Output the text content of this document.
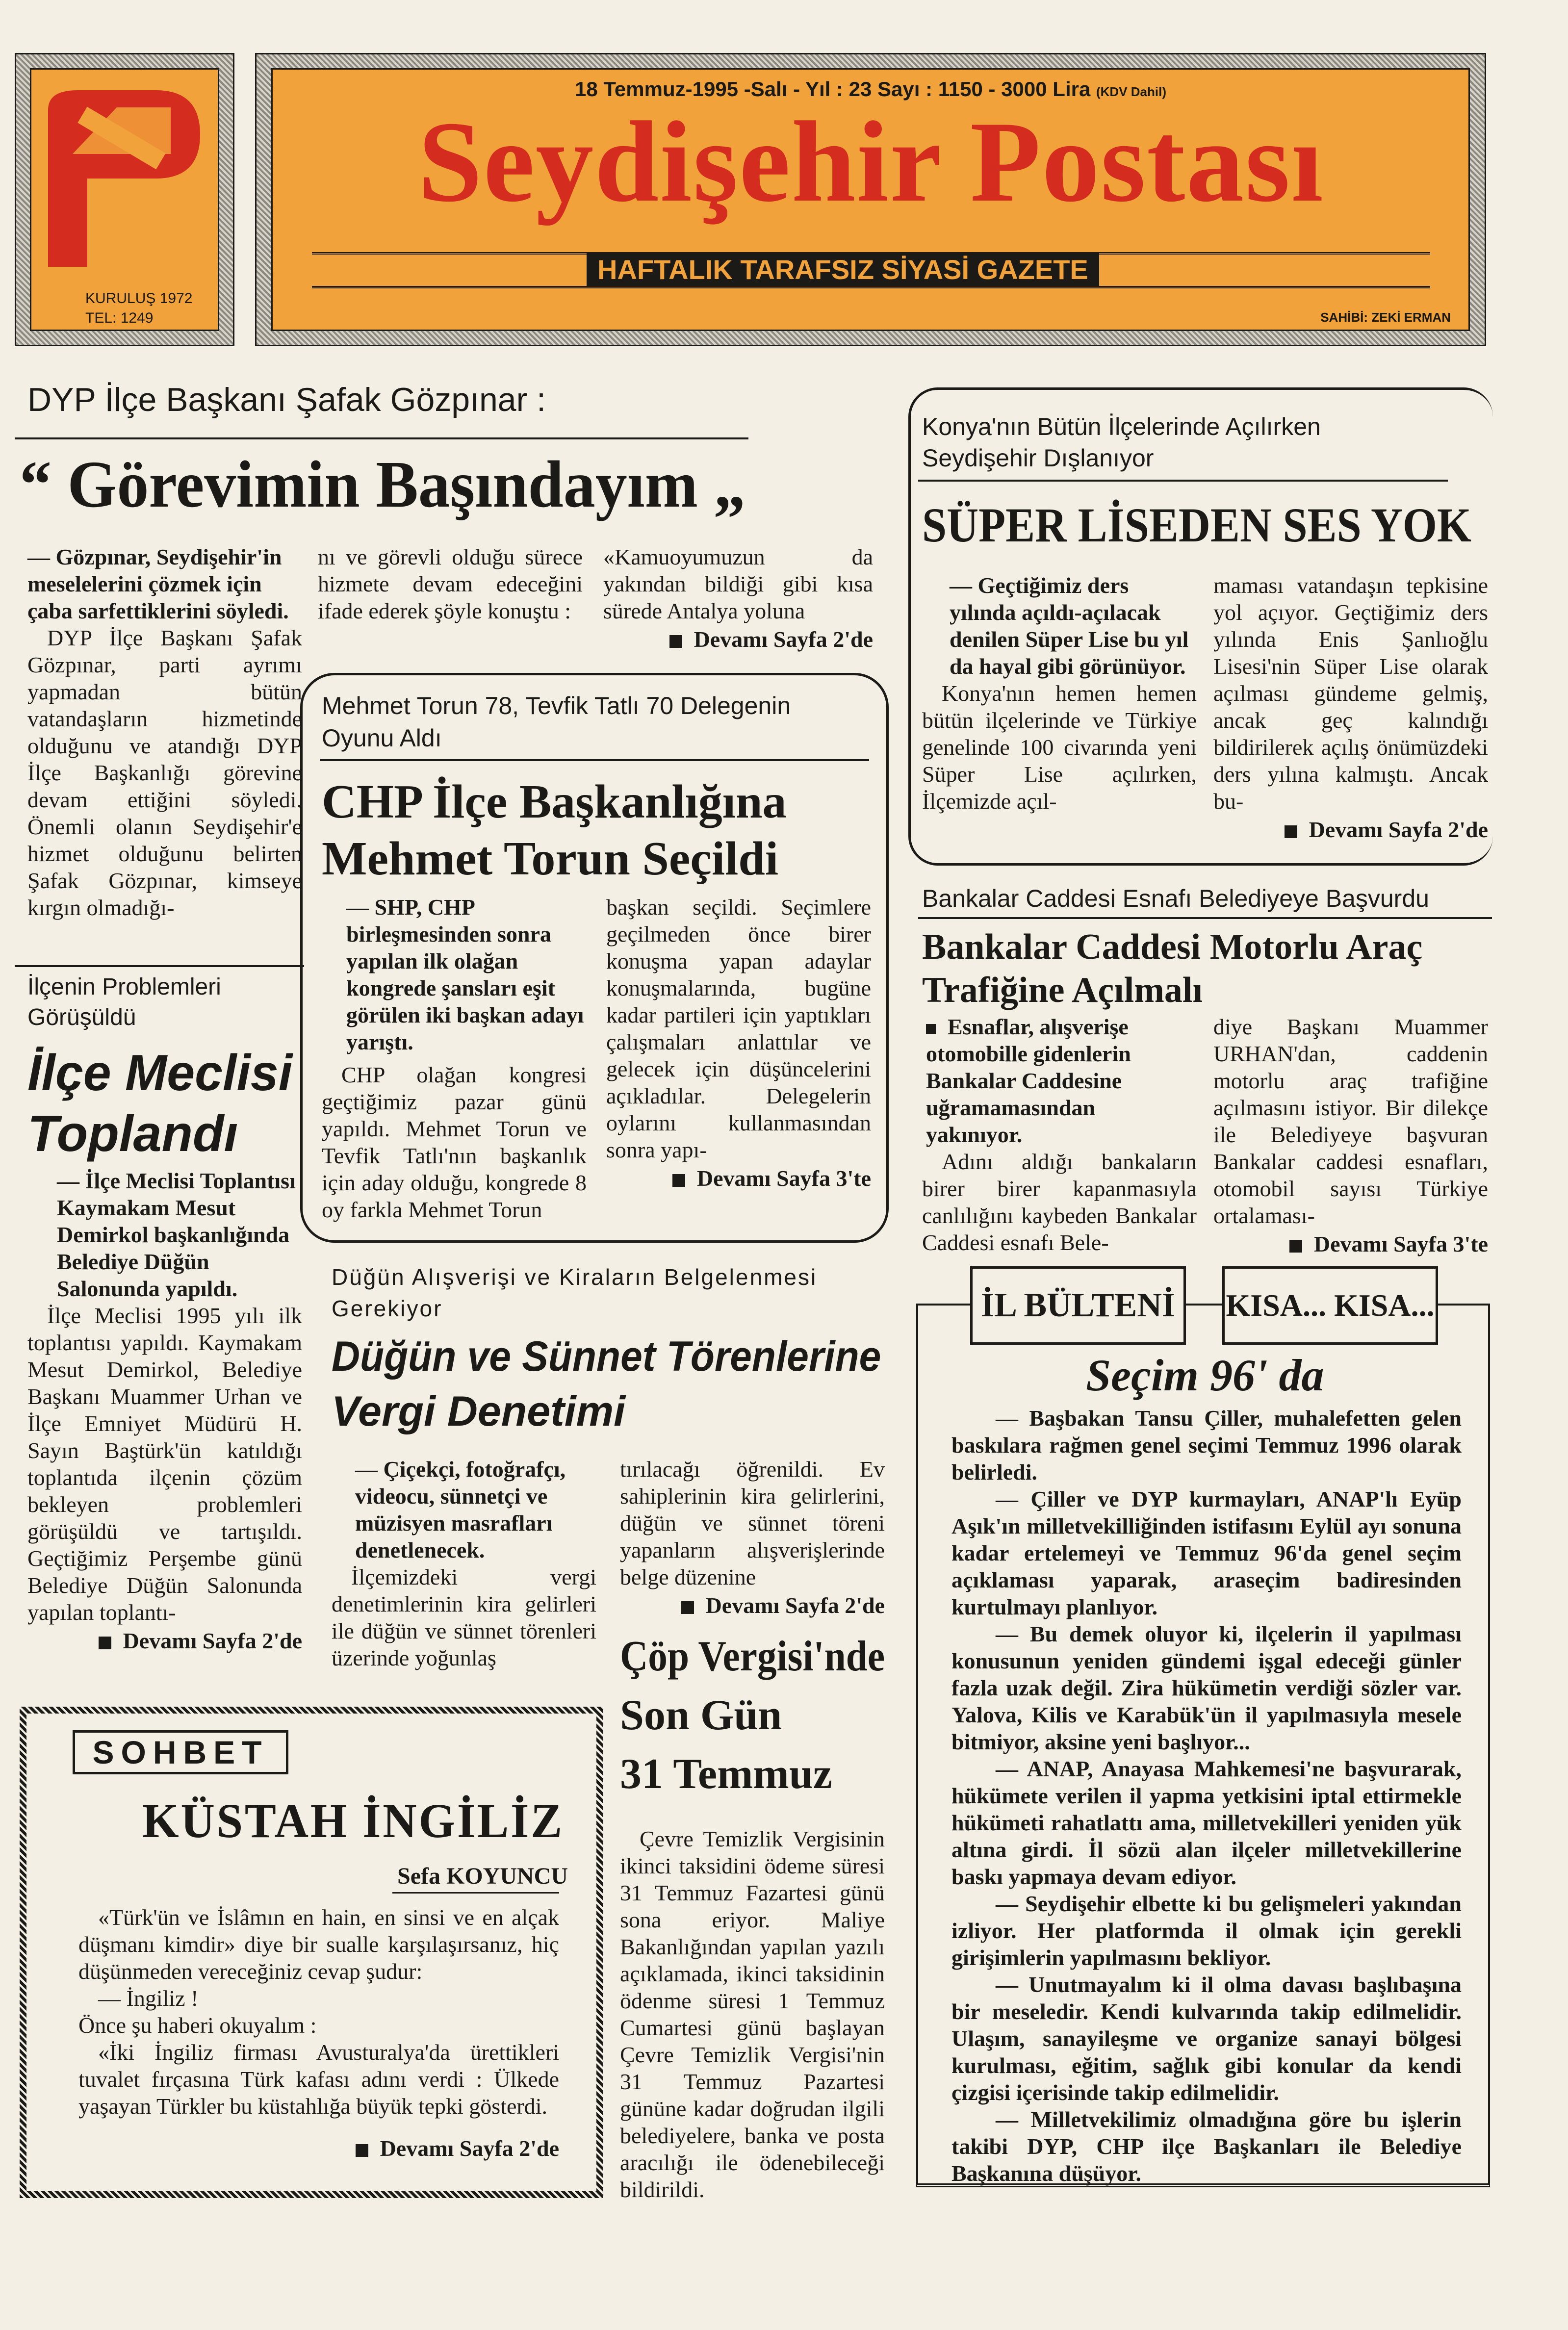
KURULUŞ 1972
TEL: 1249
18 Temmuz-1995 -Salı - Yıl : 23 Sayı : 1150 - 3000 Lira (KDV Dahil)
Seydişehir Postası
HAFTALIK TARAFSIZ SİYASİ GAZETE
SAHİBİ: ZEKİ ERMAN
DYP İlçe Başkanı Şafak Gözpınar :
“ Görevimin Başındayım „

— Gözpınar, Seydişehir'in meselelerini çözmek için çaba sarfettiklerini söyledi.

DYP İlçe Başkanı Şafak Gözpınar, parti ayrımı yapmadan bütün vatandaşların hizmetinde olduğunu ve atandığı DYP İlçe Başkanlığı görevine devam ettiğini söyledi. Önemli olanın Seydişehir'e hizmet olduğunu belirten Şafak Gözpınar, kimseye kırgın olmadığı-

nı ve görevli olduğu sürece hizmete devam edeceğini ifade ederek şöyle konuştu :

«Kamuoyumuzun da yakından bildiği gibi kısa sürede Antalya yoluna

Devamı Sayfa 2'de
İlçenin Problemleri Görüşüldü
İlçe Meclisi
Toplandı

— İlçe Meclisi Toplantısı Kaymakam Mesut Demirkol başkanlığında Belediye Düğün Salonunda yapıldı.

İlçe Meclisi 1995 yılı ilk toplantısı yapıldı. Kaymakam Mesut Demirkol, Belediye Başkanı Muammer Urhan ve İlçe Emniyet Müdürü H. Sayın Baştürk'ün katıldığı toplantıda ilçenin çözüm bekleyen problemleri görüşüldü ve tartışıldı. Geçtiğimiz Perşembe günü Belediye Düğün Salonunda yapılan toplantı-

Devamı Sayfa 2'de
Mehmet Torun 78, Tevfik Tatlı 70 Delegenin Oyunu Aldı
CHP İlçe Başkanlığına
Mehmet Torun Seçildi

— SHP, CHP birleşmesinden sonra yapılan ilk olağan kongrede şansları eşit görülen iki başkan adayı yarıştı.

CHP olağan kongresi geçtiğimiz pazar günü yapıldı. Mehmet Torun ve Tevfik Tatlı'nın başkanlık için aday olduğu, kongrede 8 oy farkla Mehmet Torun

başkan seçildi. Seçimlere geçilmeden önce birer konuşma yapan adaylar konuşmalarında, bugüne kadar partileri için yaptıkları çalışmaları anlattılar ve gelecek için düşüncelerini açıkladılar. Delegelerin oylarını kullanmasından sonra yapı-

Devamı Sayfa 3'te
Konya'nın Bütün İlçelerinde Açılırken Seydişehir Dışlanıyor
SÜPER LİSEDEN SES YOK

— Geçtiğimiz ders yılında açıldı-açılacak denilen Süper Lise bu yıl da hayal gibi görünüyor.

Konya'nın hemen hemen bütün ilçelerinde ve Türkiye genelinde 100 civarında yeni Süper Lise açılırken, İlçemizde açıl-

maması vatandaşın tepkisine yol açıyor. Geçtiğimiz ders yılında Enis Şanlıoğlu Lisesi'nin Süper Lise olarak açılması gündeme gelmiş, ancak geç kalındığı bildirilerek açılış önümüzdeki ders yılına kalmıştı. Ancak bu-

Devamı Sayfa 2'de
Bankalar Caddesi Esnafı Belediyeye Başvurdu
Bankalar Caddesi Motorlu Araç
Trafiğine Açılmalı

Esnaflar, alışverişe otomobille gidenlerin Bankalar Caddesine uğramamasından yakınıyor.

Adını aldığı bankaların birer birer kapanmasıyla canlılığını kaybeden Bankalar Caddesi esnafı Bele-

diye Başkanı Muammer URHAN'dan, caddenin motorlu araç trafiğine açılmasını istiyor. Bir dilekçe ile Belediyeye başvuran Bankalar caddesi esnafları, otomobil sayısı Türkiye ortalaması-

Devamı Sayfa 3'te
Düğün Alışverişi ve Kiraların Belgelenmesi Gerekiyor
Düğün ve Sünnet Törenlerine
Vergi Denetimi

— Çiçekçi, fotoğrafçı, videocu, sünnetçi ve müzisyen masrafları denetlenecek.

İlçemizdeki vergi denetimlerinin kira gelirleri ile düğün ve sünnet törenleri üzerinde yoğunlaş

tırılacağı öğrenildi. Ev sahiplerinin kira gelirlerini, düğün ve sünnet töreni yapanların alışverişlerinde belge düzenine

Devamı Sayfa 2'de
Çöp Vergisi'nde
Son Gün
31 Temmuz

Çevre Temizlik Vergisinin ikinci taksidini ödeme süresi 31 Temmuz Fazartesi günü sona eriyor. Maliye Bakanlığından yapılan yazılı açıklamada, ikinci taksidinin ödenme süresi 1 Temmuz Cumartesi günü başlayan Çevre Temizlik Vergisi'nin 31 Temmuz Pazartesi gününe kadar doğrudan ilgili belediyelere, banka ve posta aracılığı ile ödenebileceği bildirildi.

SOHBET
KÜSTAH İNGİLİZ
Sefa KOYUNCU

«Türk'ün ve İslâmın en hain, en sinsi ve en alçak düşmanı kimdir» diye bir sualle karşılaşırsanız, hiç düşünmeden vereceğiniz cevap şudur:

— İngiliz !

Önce şu haberi okuyalım :

«İki İngiliz firması Avusturalya'da ürettikleri tuvalet fırçasına Türk kafası adını verdi : Ülkede yaşayan Türkler bu küstahlığa büyük tepki gösterdi.

Devamı Sayfa 2'de
İL BÜLTENİ	KISA... KISA...
Seçim 96' da

— Başbakan Tansu Çiller, muhalefetten gelen baskılara rağmen genel seçimi Temmuz 1996 olarak belirledi.

— Çiller ve DYP kurmayları, ANAP'lı Eyüp Aşık'ın milletvekilliğinden istifasını Eylül ayı sonuna kadar ertelemeyi ve Temmuz 96'da genel seçim açıklaması yaparak, araseçim badiresinden kurtulmayı planlıyor.

— Bu demek oluyor ki, ilçelerin il yapılması konusunun yeniden gündemi işgal edeceği günler fazla uzak değil. Zira hükümetin verdiği sözler var. Yalova, Kilis ve Karabük'ün il yapılmasıyla mesele bitmiyor, aksine yeni başlıyor...

— ANAP, Anayasa Mahkemesi'ne başvurarak, hükümete verilen il yapma yetkisini iptal ettirmekle hükümeti rahatlattı ama, milletvekilleri yeniden yük altına girdi. İl sözü alan ilçeler milletvekillerine baskı yapmaya devam ediyor.

— Seydişehir elbette ki bu gelişmeleri yakından izliyor. Her platformda il olmak için gerekli girişimlerin yapılmasını bekliyor.

— Unutmayalım ki il olma davası başlıbaşına bir meseledir. Kendi kulvarında takip edilmelidir. Ulaşım, sanayileşme ve organize sanayi bölgesi kurulması, eğitim, sağlık gibi konular da kendi çizgisi içerisinde takip edilmelidir.

— Milletvekilimiz olmadığına göre bu işlerin takibi DYP, CHP ilçe Başkanları ile Belediye Başkanına düşüyor.
